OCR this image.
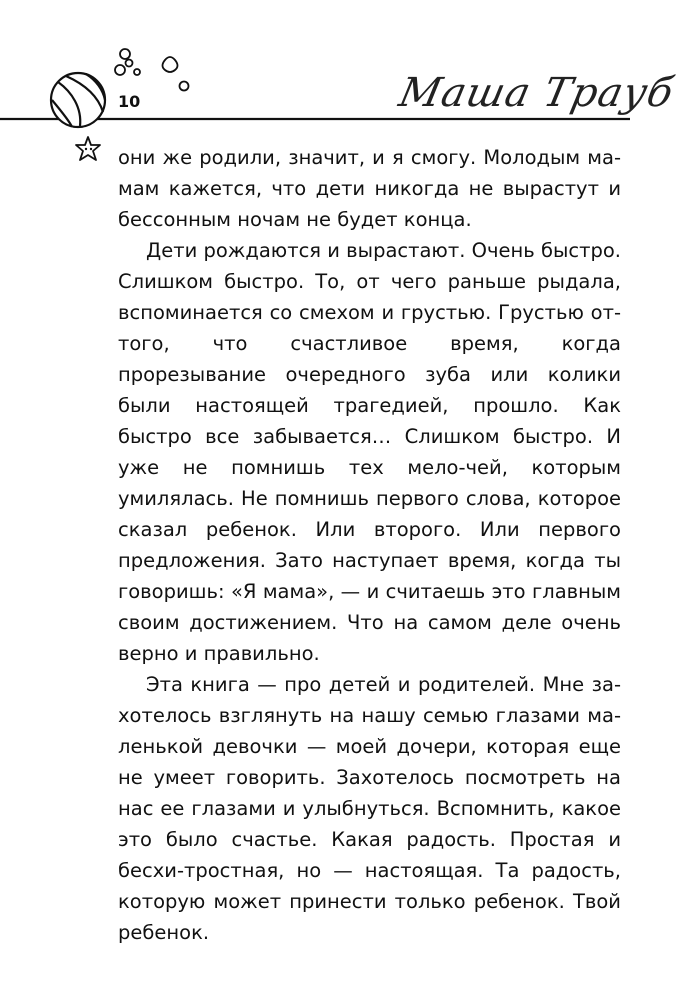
10	Маша Трауб

они же родили, значит, и я смогу. Молодым ма-мам кажется, что дети никогда не вырастут и бессонным ночам не будет конца.

Дети рождаются и вырастают. Очень быстро. Слишком быстро. То, от чего раньше рыдала, вспоминается со смехом и грустью. Грустью от-того, что счастливое время, когда прорезывание очередного зуба или колики были настоящей трагедией, прошло. Как быстро все забывается… Слишком быстро. И уже не помнишь тех мело-чей, которым умилялась. Не помнишь первого слова, которое сказал ребенок. Или второго. Или первого предложения. Зато наступает время, когда ты говоришь: «Я мама», — и считаешь это главным своим достижением. Что на самом деле очень верно и правильно.

Эта книга — про детей и родителей. Мне за-хотелось взглянуть на нашу семью глазами ма-ленькой девочки — моей дочери, которая еще не умеет говорить. Захотелось посмотреть на нас ее глазами и улыбнуться. Вспомнить, какое это было счастье. Какая радость. Простая и бесхи-тростная, но — настоящая. Та радость, которую может принести только ребенок. Твой ребенок.
